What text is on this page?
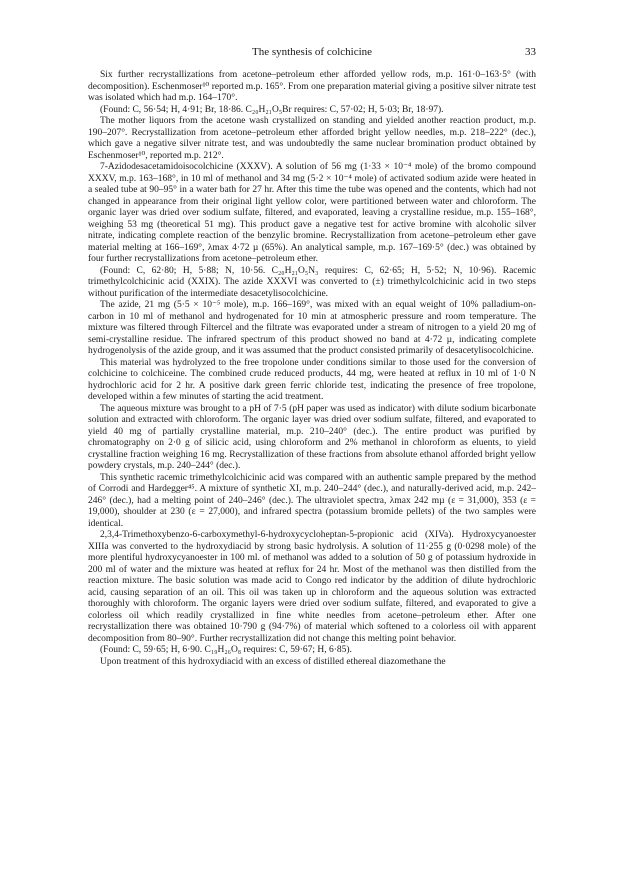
The synthesis of colchicine	33

Six further recrystallizations from acetone–petroleum ether afforded yellow rods, m.p. 161·0–163·5° (with decomposition). Eschenmoser¹⁰ reported m.p. 165°. From one preparation material giving a positive silver nitrate test was isolated which had m.p. 164–170°.

(Found: C, 56·54; H, 4·91; Br, 18·86. C₂₀H₂₁O₅Br requires: C, 57·02; H, 5·03; Br, 18·97).

The mother liquors from the acetone wash crystallized on standing and yielded another reaction product, m.p. 190–207°. Recrystallization from acetone–petroleum ether afforded bright yellow needles, m.p. 218–222° (dec.), which gave a negative silver nitrate test, and was undoubtedly the same nuclear bromination product obtained by Eschenmoser¹⁰, reported m.p. 212°.

7-Azidodesacetamidoisocolchicine (XXXV). A solution of 56 mg (1·33 × 10⁻⁴ mole) of the bromo compound XXXV, m.p. 163–168°, in 10 ml of methanol and 34 mg (5·2 × 10⁻⁴ mole) of activated sodium azide were heated in a sealed tube at 90–95° in a water bath for 27 hr. After this time the tube was opened and the contents, which had not changed in appearance from their original light yellow color, were partitioned between water and chloroform. The organic layer was dried over sodium sulfate, filtered, and evaporated, leaving a crystalline residue, m.p. 155–168°, weighing 53 mg (theoretical 51 mg). This product gave a negative test for active bromine with alcoholic silver nitrate, indicating complete reaction of the benzylic bromine. Recrystallization from acetone–petroleum ether gave material melting at 166–169°, λmax 4·72 µ (65%). An analytical sample, m.p. 167–169·5° (dec.) was obtained by four further recrystallizations from acetone–petroleum ether.

(Found: C, 62·80; H, 5·88; N, 10·56. C₂₀H₂₁O₅N₃ requires: C, 62·65; H, 5·52; N, 10·96). Racemic trimethylcolchicinic acid (XXIX). The azide XXXVI was converted to (±) trimethylcolchicinic acid in two steps without purification of the intermediate desacetylisocolchicine.

The azide, 21 mg (5·5 × 10⁻⁵ mole), m.p. 166–169°, was mixed with an equal weight of 10% palladium-on-carbon in 10 ml of methanol and hydrogenated for 10 min at atmospheric pressure and room temperature. The mixture was filtered through Filtercel and the filtrate was evaporated under a stream of nitrogen to a yield 20 mg of semi-crystalline residue. The infrared spectrum of this product showed no band at 4·72 µ, indicating complete hydrogenolysis of the azide group, and it was assumed that the product consisted primarily of desacetylisocolchicine.

This material was hydrolyzed to the free tropolone under conditions similar to those used for the conversion of colchicine to colchiceine. The combined crude reduced products, 44 mg, were heated at reflux in 10 ml of 1·0 N hydrochloric acid for 2 hr. A positive dark green ferric chloride test, indicating the presence of free tropolone, developed within a few minutes of starting the acid treatment.

The aqueous mixture was brought to a pH of 7·5 (pH paper was used as indicator) with dilute sodium bicarbonate solution and extracted with chloroform. The organic layer was dried over sodium sulfate, filtered, and evaporated to yield 40 mg of partially crystalline material, m.p. 210–240° (dec.). The entire product was purified by chromatography on 2·0 g of silicic acid, using chloroform and 2% methanol in chloroform as eluents, to yield crystalline fraction weighing 16 mg. Recrystallization of these fractions from absolute ethanol afforded bright yellow powdery crystals, m.p. 240–244° (dec.).

This synthetic racemic trimethylcolchicinic acid was compared with an authentic sample prepared by the method of Corrodi and Hardegger⁴⁵. A mixture of synthetic XI, m.p. 240–244° (dec.), and naturally-derived acid, m.p. 242–246° (dec.), had a melting point of 240–246° (dec.). The ultraviolet spectra, λmax 242 mµ (ε = 31,000), 353 (ε = 19,000), shoulder at 230 (ε = 27,000), and infrared spectra (potassium bromide pellets) of the two samples were identical.

2,3,4-Trimethoxybenzo-6-carboxymethyl-6-hydroxycycloheptan-5-propionic acid (XIVa). Hydroxycyanoester XIIIa was converted to the hydroxydiacid by strong basic hydrolysis. A solution of 11·255 g (0·0298 mole) of the more plentiful hydroxycyanoester in 100 ml. of methanol was added to a solution of 50 g of potassium hydroxide in 200 ml of water and the mixture was heated at reflux for 24 hr. Most of the methanol was then distilled from the reaction mixture. The basic solution was made acid to Congo red indicator by the addition of dilute hydrochloric acid, causing separation of an oil. This oil was taken up in chloroform and the aqueous solution was extracted thoroughly with chloroform. The organic layers were dried over sodium sulfate, filtered, and evaporated to give a colorless oil which readily crystallized in fine white needles from acetone–petroleum ether. After one recrystallization there was obtained 10·790 g (94·7%) of material which softened to a colorless oil with apparent decomposition from 80–90°. Further recrystallization did not change this melting point behavior.

(Found: C, 59·65; H, 6·90. C₁₉H₂₆O₈ requires: C, 59·67; H, 6·85).

Upon treatment of this hydroxydiacid with an excess of distilled ethereal diazomethane the
